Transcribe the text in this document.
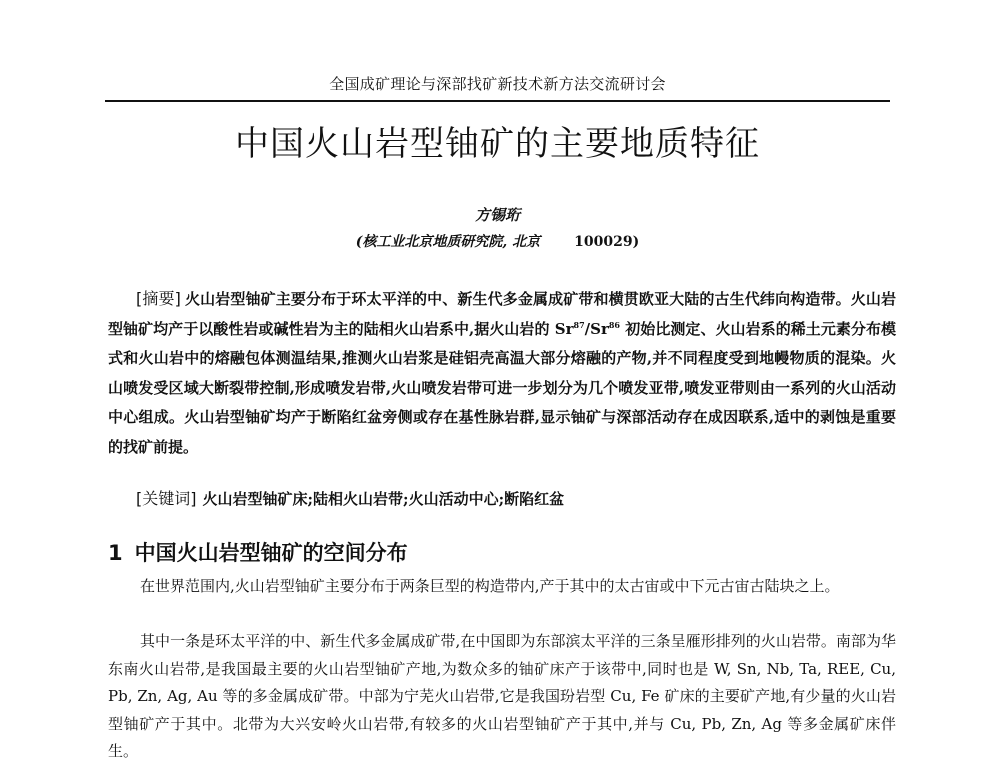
全国成矿理论与深部找矿新技术新方法交流研讨会
中国火山岩型铀矿的主要地质特征
方锡珩
(核工业北京地质研究院, 北京 100029)
[摘要] 火山岩型铀矿主要分布于环太平洋的中、新生代多金属成矿带和横贯欧亚大陆的古生代纬向构造带。火山岩型铀矿均产于以酸性岩或碱性岩为主的陆相火山岩系中,据火山岩的 Sr$^{87}$/Sr$^{86}$ 初始比测定、火山岩系的稀土元素分布模式和火山岩中的熔融包体测温结果,推测火山岩浆是硅铝壳高温大部分熔融的产物,并不同程度受到地幔物质的混染。火山喷发受区域大断裂带控制,形成喷发岩带,火山喷发岩带可进一步划分为几个喷发亚带,喷发亚带则由一系列的火山活动中心组成。火山岩型铀矿均产于断陷红盆旁侧或存在基性脉岩群,显示铀矿与深部活动存在成因联系,适中的剥蚀是重要的找矿前提。
[关键词] 火山岩型铀矿床;陆相火山岩带;火山活动中心;断陷红盆
1 中国火山岩型铀矿的空间分布

在世界范围内,火山岩型铀矿主要分布于两条巨型的构造带内,产于其中的太古宙或中下元古宙古陆块之上。

其中一条是环太平洋的中、新生代多金属成矿带,在中国即为东部滨太平洋的三条呈雁形排列的火山岩带。南部为华东南火山岩带,是我国最主要的火山岩型铀矿产地,为数众多的铀矿床产于该带中,同时也是 W, Sn, Nb, Ta, REE, Cu, Pb, Zn, Ag, Au 等的多金属成矿带。中部为宁芜火山岩带,它是我国玢岩型 Cu, Fe 矿床的主要矿产地,有少量的火山岩型铀矿产于其中。北带为大兴安岭火山岩带,有较多的火山岩型铀矿产于其中,并与 Cu, Pb, Zn, Ag 等多金属矿床伴生。
